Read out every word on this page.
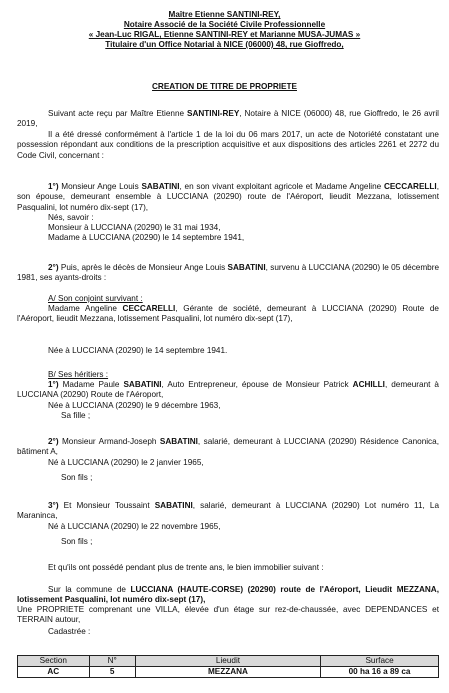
Maître Etienne SANTINI-REY,
Notaire Associé de la Société Civile Professionnelle
« Jean-Luc RIGAL, Etienne SANTINI-REY et Marianne MUSA-JUMAS »
Titulaire d'un Office Notarial à NICE (06000) 48, rue Gioffredo,
CREATION DE TITRE DE PROPRIETE
Suivant acte reçu par Maître Etienne SANTINI-REY, Notaire à NICE (06000) 48, rue Gioffredo, le 26 avril 2019,
Il a été dressé conformément à l'article 1 de la loi du 06 mars 2017, un acte de Notoriété constatant une possession répondant aux conditions de la prescription acquisitive et aux dispositions des articles 2261 et 2272 du Code Civil, concernant :
1°) Monsieur Ange Louis SABATINI, en son vivant exploitant agricole et Madame Angeline CECCARELLI, son épouse, demeurant ensemble à LUCCIANA (20290) route de l'Aéroport, lieudit Mezzana, lotissement Pasqualini, lot numéro dix-sept (17),
Nés, savoir :
Monsieur à LUCCIANA (20290) le 31 mai 1934,
Madame à LUCCIANA (20290) le 14 septembre 1941,
2°) Puis, après le décès de Monsieur Ange Louis SABATINI, survenu à LUCCIANA (20290) le 05 décembre 1981, ses ayants-droits :
A/ Son conjoint survivant :
Madame Angeline CECCARELLI, Gérante de société, demeurant à LUCCIANA (20290) Route de l'Aéroport, lieudit Mezzana, lotissement Pasqualini, lot numéro dix-sept (17),
Née à LUCCIANA (20290) le 14 septembre 1941.
B/ Ses héritiers :
1°) Madame Paule SABATINI, Auto Entrepreneur, épouse de Monsieur Patrick ACHILLI, demeurant à LUCCIANA (20290) Route de l'Aéroport,
Née à LUCCIANA (20290) le 9 décembre 1963,
Sa fille ;
2°) Monsieur Armand-Joseph SABATINI, salarié, demeurant à LUCCIANA (20290) Résidence Canonica, bâtiment A,
Né à LUCCIANA (20290) le 2 janvier 1965,
Son fils ;
3°) Et Monsieur Toussaint SABATINI, salarié, demeurant à LUCCIANA (20290) Lot numéro 11, La Maraninca,
Né à LUCCIANA (20290) le 22 novembre 1965,
Son fils ;
Et qu'ils ont possédé pendant plus de trente ans, le bien immobilier suivant :
Sur la commune de LUCCIANA (HAUTE-CORSE) (20290) route de l'Aéroport, Lieudit MEZZANA, lotissement Pasqualini, lot numéro dix-sept (17),
Une PROPRIETE comprenant une VILLA, élevée d'un étage sur rez-de-chaussée, avec DEPENDANCES et TERRAIN autour,
Cadastrée :
Section	N°	Lieudit	Surface
AC	5	MEZZANA	00 ha 16 a 89 ca
